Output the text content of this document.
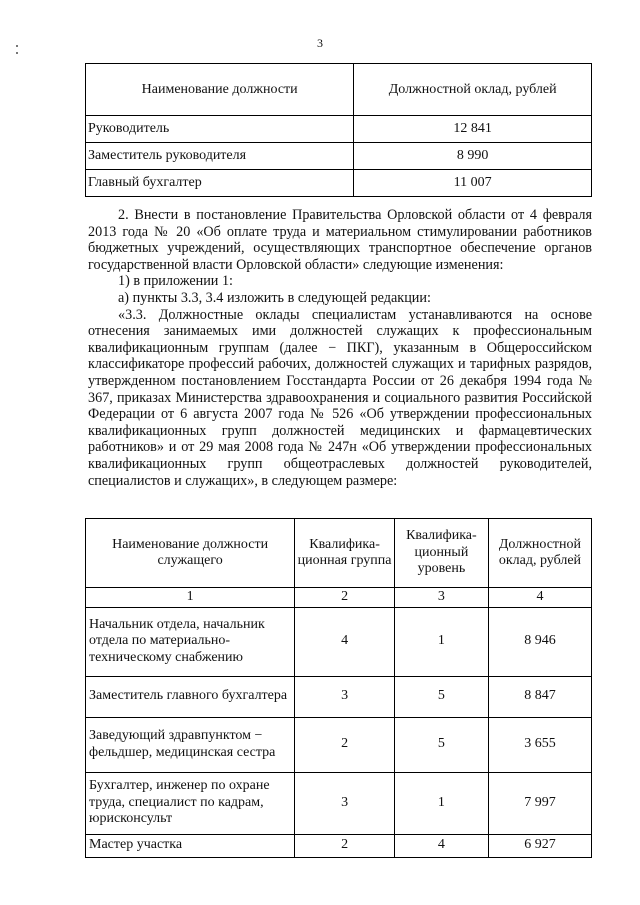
3
Наименование должности	Должностной оклад, рублей
Руководитель	12 841
Заместитель руководителя	8 990
Главный бухгалтер	11 007

2. Внести в постановление Правительства Орловской области от 4 февраля 2013 года № 20 «Об оплате труда и материальном стимулировании работников бюджетных учреждений, осуществляющих транспортное обеспечение органов государственной власти Орловской области» следующие изменения:

1) в приложении 1:

а) пункты 3.3, 3.4 изложить в следующей редакции:

«3.3. Должностные оклады специалистам устанавливаются на основе отнесения занимаемых ими должностей служащих к профессиональным квалификационным группам (далее − ПКГ), указанным в Общероссийском классификаторе профессий рабочих, должностей служащих и тарифных разрядов, утвержденном постановлением Госстандарта России от 26 декабря 1994 года № 367, приказах Министерства здравоохранения и социального развития Российской Федерации от 6 августа 2007 года № 526 «Об утверждении профессиональных квалификационных групп должностей медицинских и фармацевтических работников» и от 29 мая 2008 года № 247н «Об утверждении профессиональных квалификационных групп общеотраслевых должностей руководителей, специалистов и служащих», в следующем размере:

Наименование должности служащего	Квалифика-ционная группа	Квалифика-ционный уровень	Должностной оклад, рублей
1	2	3	4
Начальник отдела, начальник отдела по материально-техническому снабжению	4	1	8 946
Заместитель главного бухгалтера	3	5	8 847
Заведующий здравпунктом − фельдшер, медицинская сестра	2	5	3 655
Бухгалтер, инженер по охране труда, специалист по кадрам, юрисконсульт	3	1	7 997
Мастер участка	2	4	6 927
